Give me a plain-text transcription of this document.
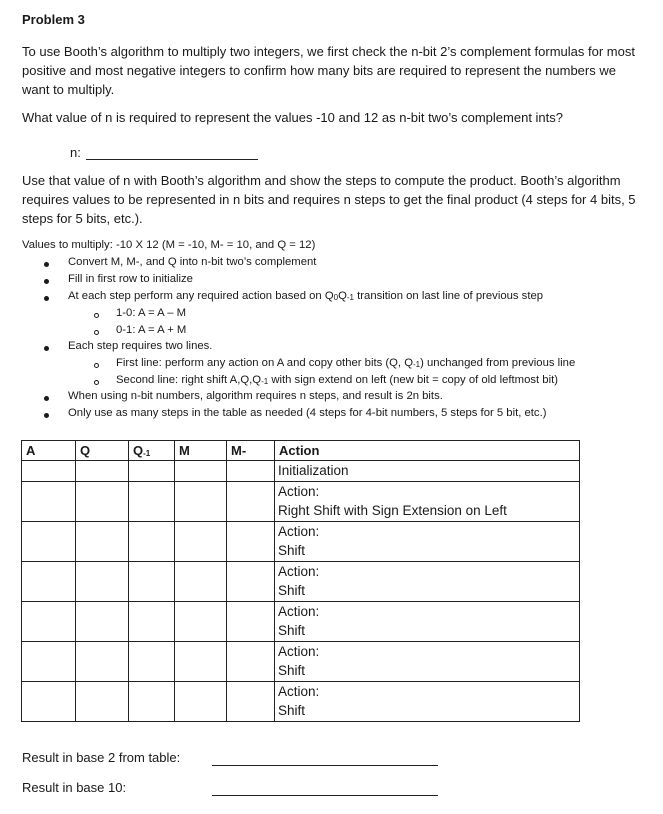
Problem 3
To use Booth’s algorithm to multiply two integers, we first check the n-bit 2’s complement formulas for most positive and most negative integers to confirm how many bits are required to represent the numbers we want to multiply.
What value of n is required to represent the values -10 and 12 as n-bit two’s complement ints?
n:
Use that value of n with Booth’s algorithm and show the steps to compute the product. Booth’s algorithm requires values to be represented in n bits and requires n steps to get the final product (4 steps for 4 bits, 5 steps for 5 bits, etc.).
Values to multiply: -10 X 12 (M = -10, M- = 10, and Q = 12)
Convert M, M-, and Q into n-bit two’s complement
Fill in first row to initialize
At each step perform any required action based on $Q_0Q_{-1}$ transition on last line of previous step
1-0: A = A – M
0-1: A = A + M
Each step requires two lines.
First line: perform any action on A and copy other bits (Q, $Q_{-1}$) unchanged from previous line
Second line: right shift $A,Q,Q_{-1}$ with sign extend on left (new bit = copy of old leftmost bit)
When using n-bit numbers, algorithm requires n steps, and result is 2n bits.
Only use as many steps in the table as needed (4 steps for 4-bit numbers, 5 steps for 5 bit, etc.)
A	Q	$Q_{-1}$	M	M-	Action

					Initialization

					Action:
Right Shift with Sign Extension on Left

					Action:
Shift

					Action:
Shift

					Action:
Shift

					Action:
Shift

					Action:
Shift
Result in base 2 from table:
Result in base 10:
